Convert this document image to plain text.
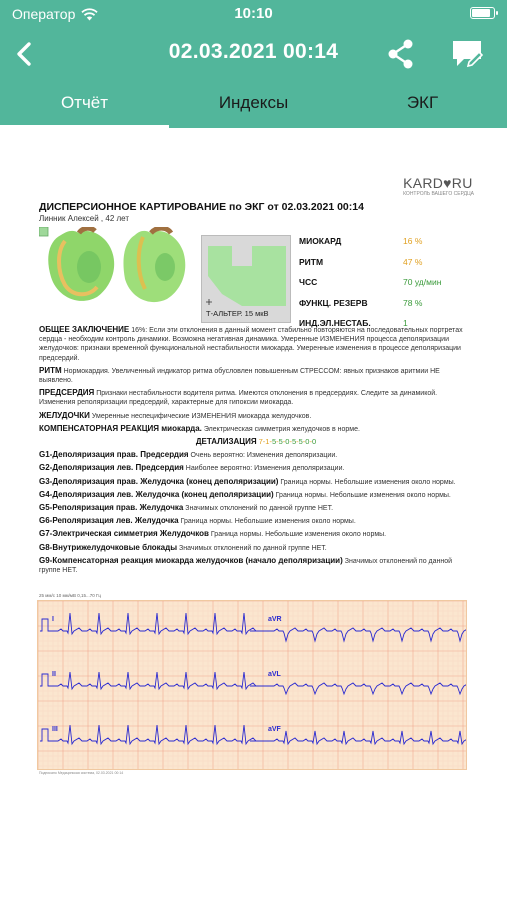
Оператор	10:10
02.03.2021 00:14
Отчёт	Индексы	ЭКГ
KARD♥RU
КОНТРОЛЬ ВАШЕГО СЕРДЦА
ДИСПЕРСИОННОЕ КАРТИРОВАНИЕ по ЭКГ от 02.03.2021 00:14
Линник Алексей , 42 лет
Т-АЛЬТЕР. 15 мкВ
МИОКАРД	16 %
РИТМ	47 %
ЧСС	70 уд/мин
ФУНКЦ. РЕЗЕРВ	78 %
ИНД.ЭЛ.НЕСТАБ.	1

ОБЩЕЕ ЗАКЛЮЧЕНИЕ 16%: Если эти отклонения в данный момент стабильно повторяются на последовательных портретах сердца - необходим контроль динамики. Возможна негативная динамика. Умеренные ИЗМЕНЕНИЯ процесса деполяризации желудочков: признаки временной функциональной нестабильности миокарда. Умеренные изменения в процессе деполяризации предсердий.

РИТМ Нормокардия. Увеличенный индикатор ритма обусловлен повышенным СТРЕССОМ: явных признаков аритмии НЕ выявлено.

ПРЕДСЕРДИЯ Признаки нестабильности водителя ритма. Имеются отклонения в предсердиях. Следите за динамикой. Изменения реполяризации предсердий, характерные для гипоксии миокарда.

ЖЕЛУДОЧКИ Умеренные неспецифические ИЗМЕНЕНИЯ миокарда желудочков.

КОМПЕНСАТОРНАЯ РЕАКЦИЯ миокарда. Электрическая симметрия желудочков в норме.

ДЕТАЛИЗАЦИЯ 7-1-5-5-0-5-5-0-0

G1-Деполяризация прав. Предсердия Очень вероятно: Изменения деполяризации.

G2-Деполяризация лев. Предсердия Наиболее вероятно: Изменения деполяризации.

G3-Деполяризация прав. Желудочка (конец деполяризации) Граница нормы. Небольшие изменения около нормы.

G4-Деполяризация лев. Желудочка (конец деполяризации) Граница нормы. Небольшие изменения около нормы.

G5-Реполяризация прав. Желудочка Значимых отклонений по данной группе НЕТ.

G6-Реполяризация лев. Желудочка Граница нормы. Небольшие изменения около нормы.

G7-Электрическая симметрия Желудочков Граница нормы. Небольшие изменения около нормы.

G8-Внутрижелудочковые блокады Значимых отклонений по данной группе НЕТ.

G9-Компенсаторная реакция миокарда желудочков (начало деполяризации) Значимых отклонений по данной группе НЕТ.

25 мм/с 10 мм/мВ 0,15...70 Гц
I
II
III
aVR
aVL
aVF
Подписано Медицинская система, 02.03.2021 00:14
